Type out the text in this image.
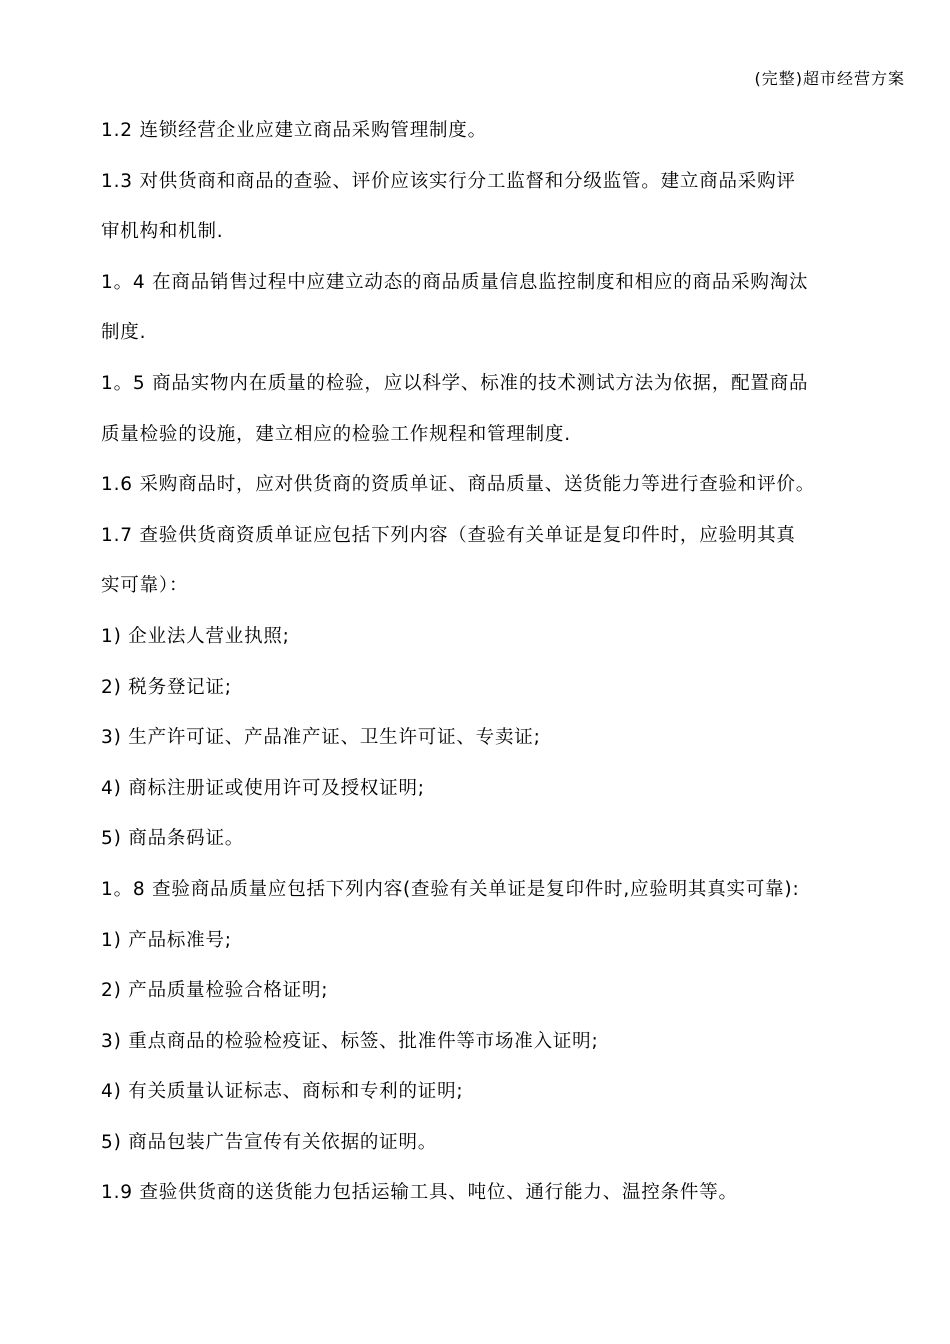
(完整)超市经营方案
1.2 连锁经营企业应建立商品采购管理制度。
1.3 对供货商和商品的查验、评价应该实行分工监督和分级监管。建立商品采购评
审机构和机制.
1。4 在商品销售过程中应建立动态的商品质量信息监控制度和相应的商品采购淘汰
制度.
1。5 商品实物内在质量的检验，应以科学、标准的技术测试方法为依据，配置商品
质量检验的设施，建立相应的检验工作规程和管理制度.
1.6 采购商品时，应对供货商的资质单证、商品质量、送货能力等进行查验和评价。
1.7 查验供货商资质单证应包括下列内容（查验有关单证是复印件时，应验明其真
实可靠）：
1) 企业法人营业执照;
2) 税务登记证;
3) 生产许可证、产品准产证、卫生许可证、专卖证;
4) 商标注册证或使用许可及授权证明;
5) 商品条码证。
1。8 查验商品质量应包括下列内容(查验有关单证是复印件时,应验明其真实可靠):
1) 产品标准号;
2) 产品质量检验合格证明;
3) 重点商品的检验检疫证、标签、批准件等市场准入证明;
4) 有关质量认证标志、商标和专利的证明;
5) 商品包装广告宣传有关依据的证明。
1.9 查验供货商的送货能力包括运输工具、吨位、通行能力、温控条件等。
